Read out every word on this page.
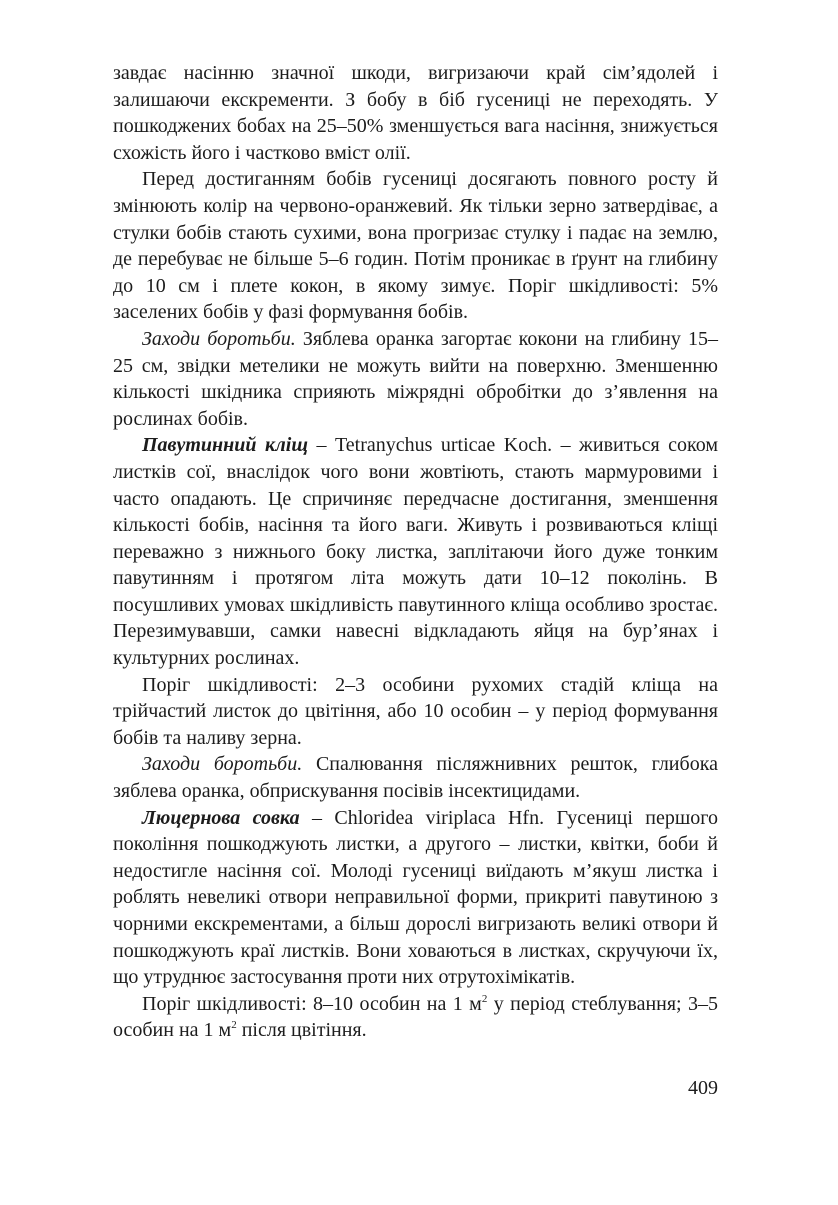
завдає насінню значної шкоди, вигризаючи край сім’ядолей і залишаючи екскременти. З бобу в біб гусениці не переходять. У пошкоджених бобах на 25–50% зменшується вага насіння, знижується схожість його і частково вміст олії.

Перед достиганням бобів гусениці досягають повного росту й змінюють колір на червоно-оранжевий. Як тільки зерно затвердіває, а стулки бобів стають сухими, вона прогризає стулку і падає на землю, де перебуває не більше 5–6 годин. Потім проникає в ґрунт на глибину до 10 см і плете кокон, в якому зимує. Поріг шкідливості: 5% заселених бобів у фазі формування бобів.

Заходи боротьби. Зяблева оранка загортає кокони на глибину 15–25 см, звідки метелики не можуть вийти на поверхню. Зменшенню кількості шкідника сприяють міжрядні обробітки до з’явлення на рослинах бобів.

Павутинний кліщ – Tetranychus urticae Koch. – живиться соком листків сої, внаслідок чого вони жовтіють, стають мармуровими і часто опадають. Це спричиняє передчасне достигання, зменшення кількості бобів, насіння та його ваги. Живуть і розвиваються кліщі переважно з нижнього боку листка, заплітаючи його дуже тонким павутинням і протягом літа можуть дати 10–12 поколінь. В посушливих умовах шкідливість павутинного кліща особливо зростає. Перезимувавши, самки навесні відкладають яйця на бур’янах і культурних рослинах.

Поріг шкідливості: 2–3 особини рухомих стадій кліща на трійчастий листок до цвітіння, або 10 особин – у період формування бобів та наливу зерна.

Заходи боротьби. Спалювання післяжнивних решток, глибока зяблева оранка, обприскування посівів інсектицидами.

Люцернова совка – Chloridea viriplaca Hfn. Гусениці першого покоління пошкоджують листки, а другого – листки, квітки, боби й недостигле насіння сої. Молоді гусениці виїдають м’якуш листка і роблять невеликі отвори неправильної форми, прикриті павутиною з чорними екскрементами, а більш дорослі вигризають великі отвори й пошкоджують краї листків. Вони ховаються в листках, скручуючи їх, що утруднює застосування проти них отрутохімікатів.

Поріг шкідливості: 8–10 особин на 1 $м^2$ у період стеблування; 3–5 особин на 1 $м^2$ після цвітіння.

409
